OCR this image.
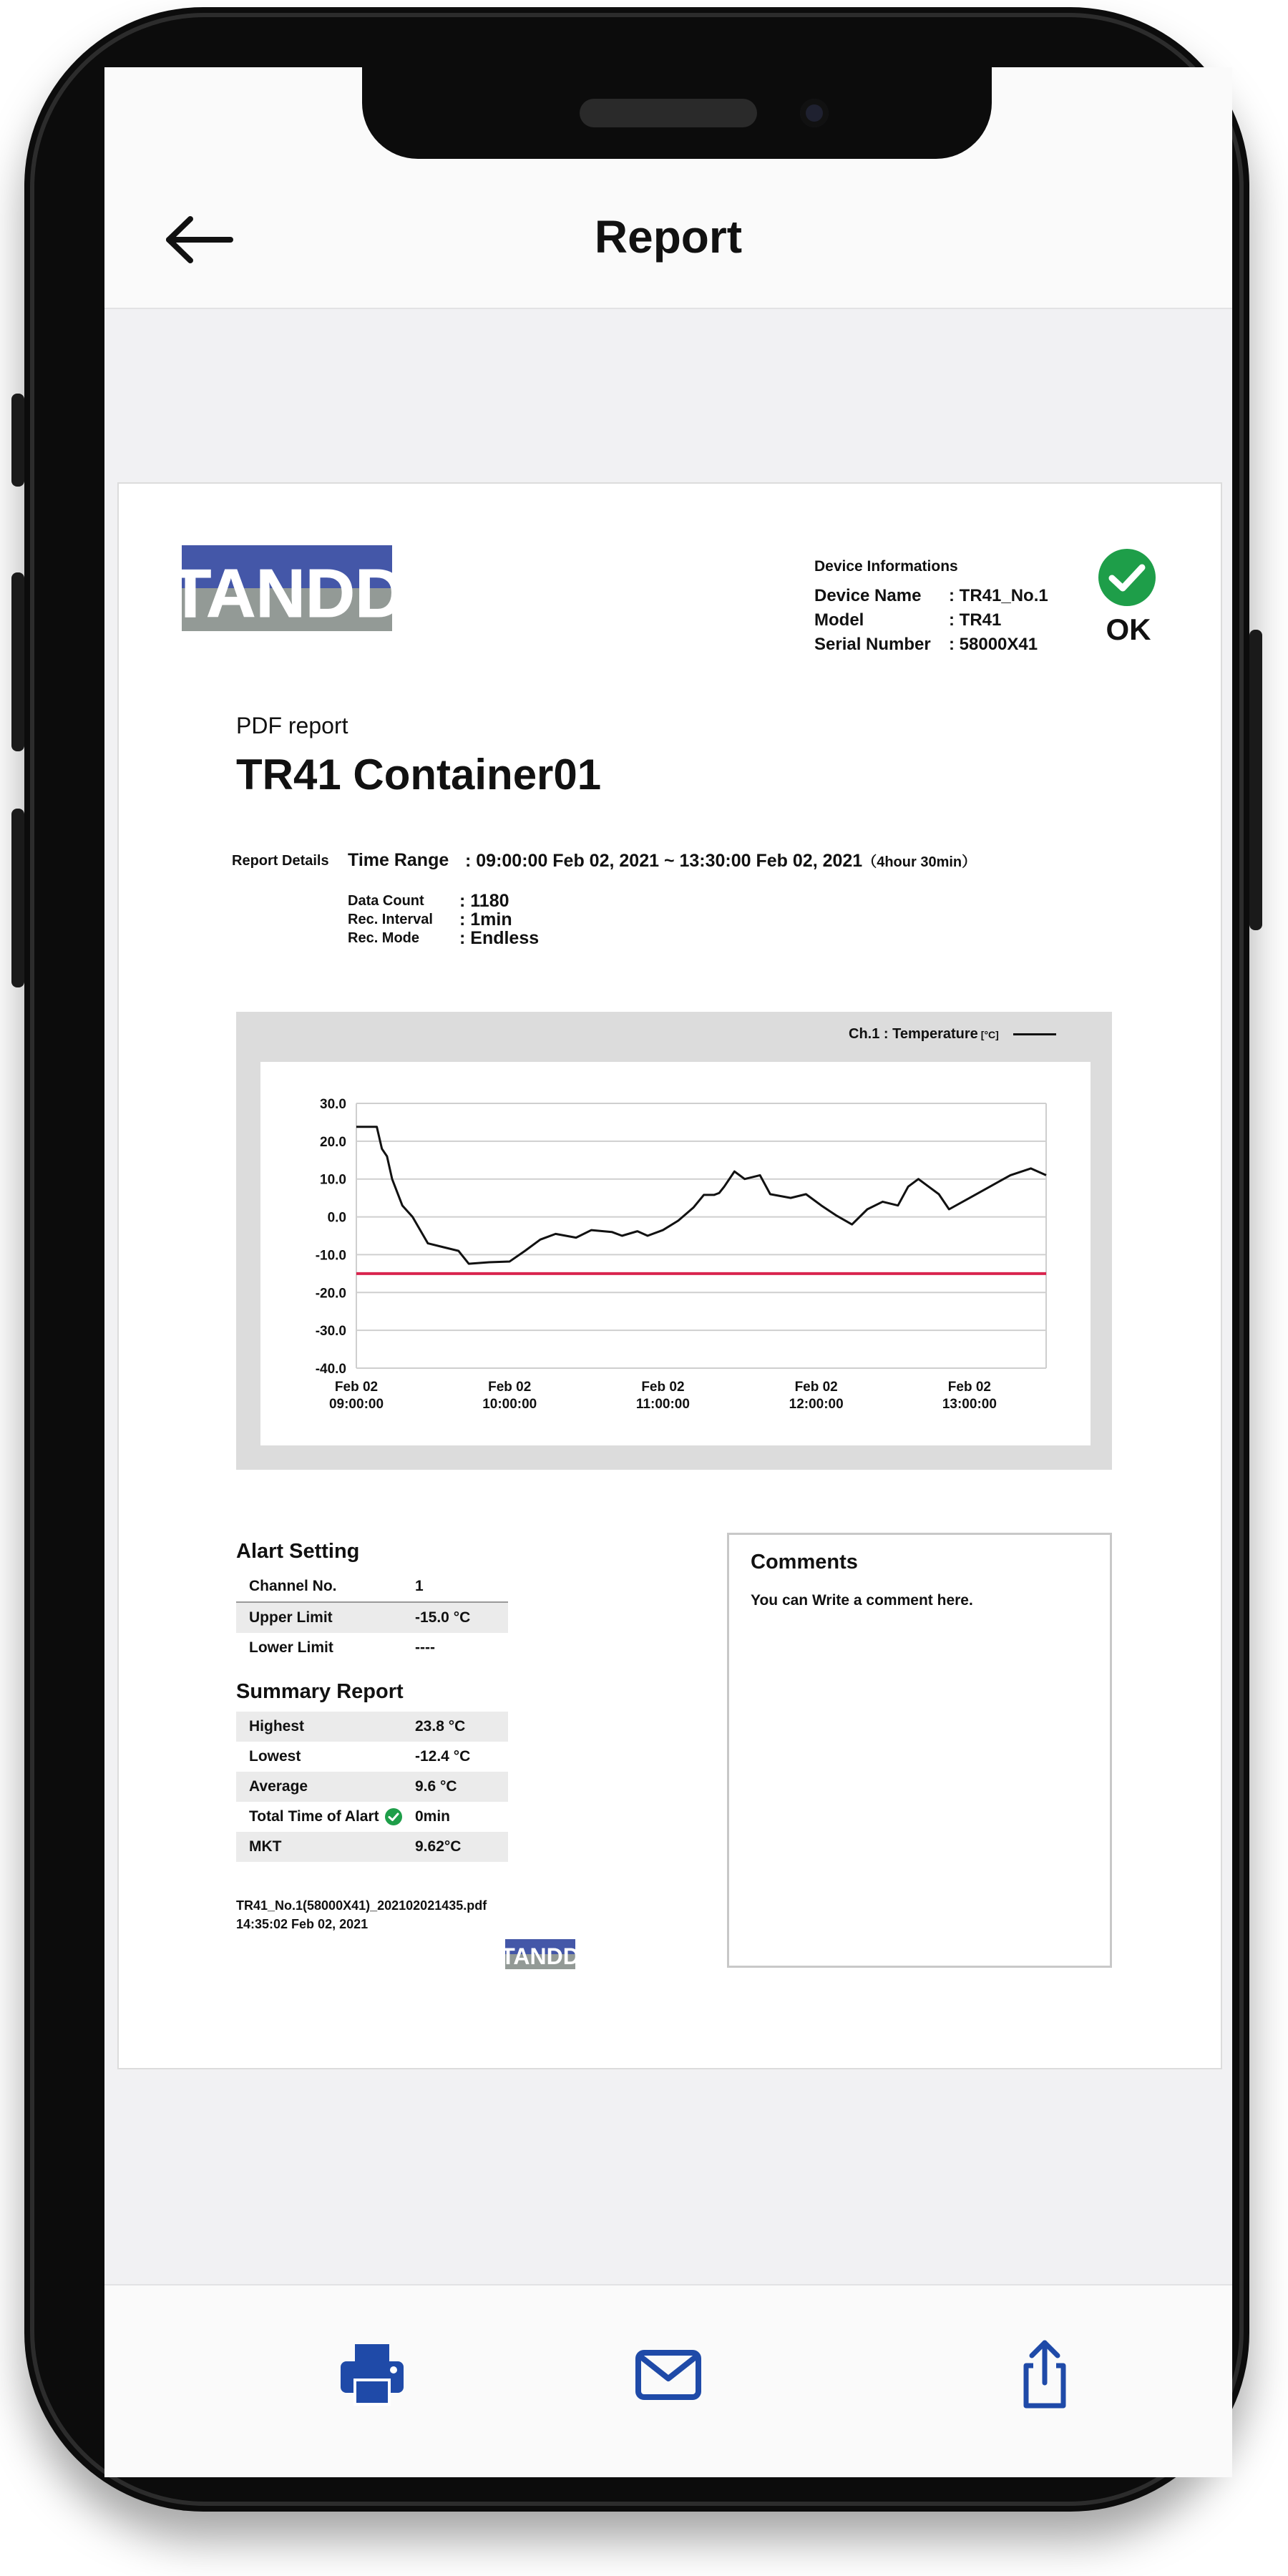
Report
TANDD	Device Informations
Device Name	: TR41_No.1
Model	: TR41
Serial Number	: 58000X41	OK
PDF report
TR41 Container01
Report Details Time Range : 09:00:00 Feb 02, 2021 ~ 13:30:00 Feb 02, 2021（4hour 30min）
Data Count	: 1180
Rec. Interval	: 1min
Rec. Mode	: Endless
Ch.1 : Temperature [°C]
30.0
20.0
10.0
0.0
-10.0
-20.0
-30.0
-40.0
Feb 02
09:00:00
Feb 02
10:00:00
Feb 02
11:00:00
Feb 02
12:00:00
Feb 02
13:00:00
Alart Setting
Channel No.	1
Upper Limit	-15.0 °C
Lower Limit	----
Summary Report
Highest	23.8 °C
Lowest	-12.4 °C
Average	9.6 °C
Total Time of Alart 0min
MKT	9.62°C
TR41_No.1(58000X41)_202102021435.pdf
14:35:02 Feb 02, 2021
TANDD
Comments
You can Write a comment here.
